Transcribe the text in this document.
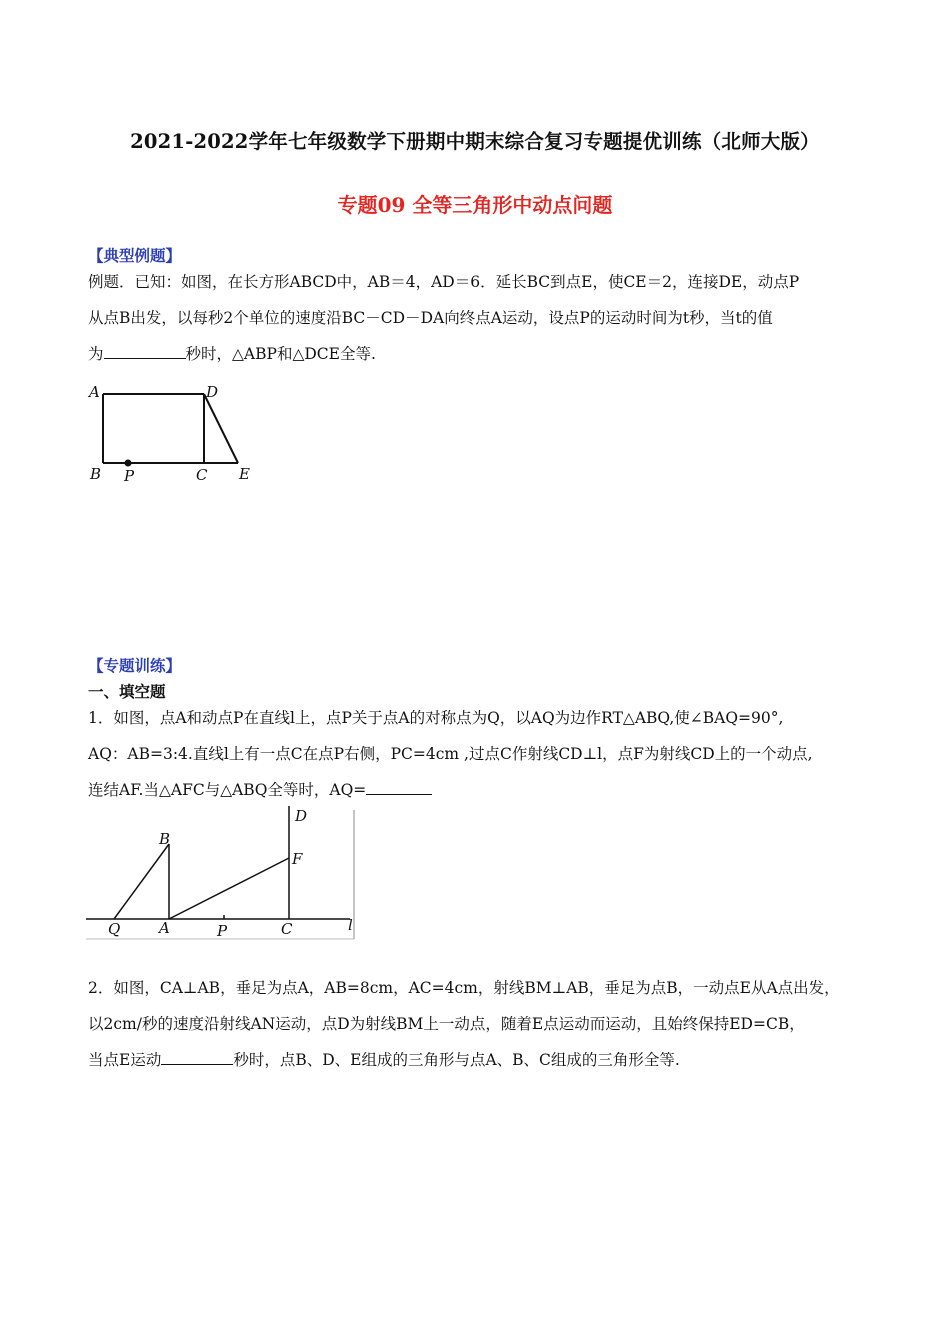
2021-2022学年七年级数学下册期中期末综合复习专题提优训练（北师大版）
专题09 全等三角形中动点问题
【典型例题】

例题．已知：如图，在长方形ABCD中，AB＝4，AD＝6．延长BC到点E，使CE＝2，连接DE，动点P

从点B出发，以每秒2个单位的速度沿BC－CD－DA向终点A运动，设点P的运动时间为t秒，当t的值

为	秒时，△ABP和△DCE全等.

A	D
B P	C E
【专题训练】
一、填空题

1．如图，点A和动点P在直线l上，点P关于点A的对称点为Q，以AQ为边作RT△ABQ,使∠BAQ=90°,

AQ：AB=3:4.直线l上有一点C在点P右侧，PC=4cm ,过点C作射线CD⊥l，点F为射线CD上的一个动点,

连结AF.当△AFC与△ABQ全等时，AQ=

B
D
F
Q	A	P	C	l

2．如图，CA⊥AB，垂足为点A，AB=8cm，AC=4cm，射线BM⊥AB，垂足为点B，一动点E从A点出发，

以2cm/秒的速度沿射线AN运动，点D为射线BM上一动点，随着E点运动而运动，且始终保持ED=CB，

当点E运动	秒时，点B、D、E组成的三角形与点A、B、C组成的三角形全等.
